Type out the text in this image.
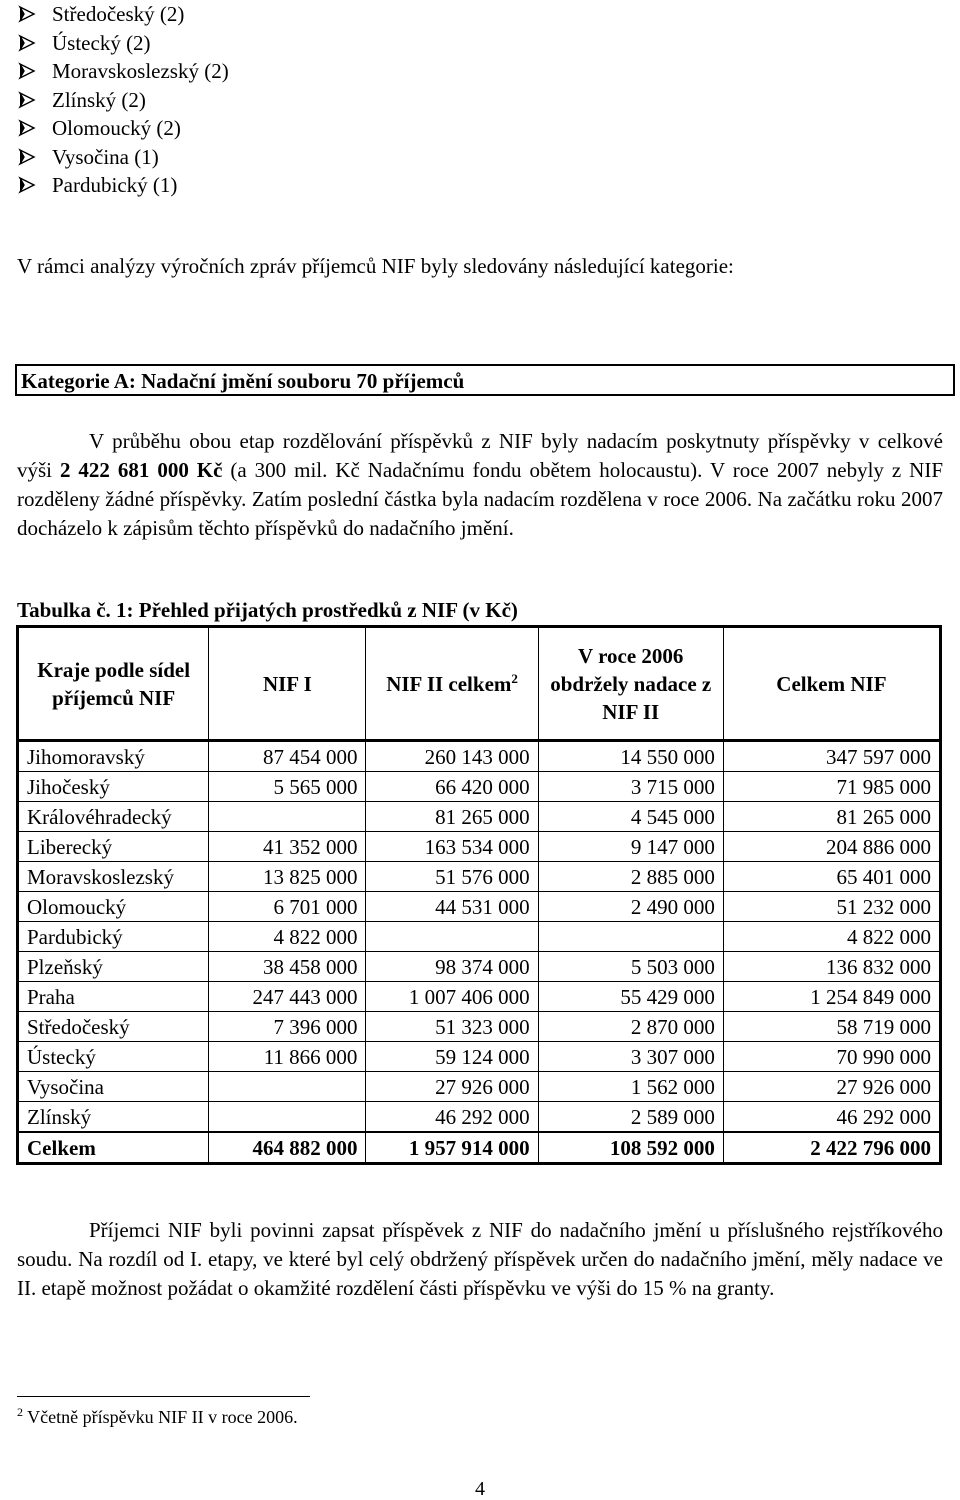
Středočeský (2)
Ústecký (2)
Moravskoslezský (2)
Zlínský (2)
Olomoucký (2)
Vysočina (1)
Pardubický (1)

V rámci analýzy výročních zpráv příjemců NIF byly sledovány následující kategorie:

Kategorie A: Nadační jmění souboru 70 příjemců

V průběhu obou etap rozdělování příspěvků z NIF byly nadacím poskytnuty příspěvky v celkové výši 2 422 681 000 Kč (a 300 mil. Kč Nadačnímu fondu obětem holocaustu). V roce 2007 nebyly z NIF rozděleny žádné příspěvky. Zatím poslední částka byla nadacím rozdělena v roce 2006. Na začátku roku 2007 docházelo k zápisům těchto příspěvků do nadačního jmění.

Tabulka č. 1: Přehled přijatých prostředků z NIF (v Kč)
Kraje podle sídel příjemců NIF	NIF I	NIF II celkem$^2$	V roce 2006 obdržely nadace z NIF II	Celkem NIF
Jihomoravský	87 454 000	260 143 000	14 550 000	347 597 000
Jihočeský	5 565 000	66 420 000	3 715 000	71 985 000
Královéhradecký		81 265 000	4 545 000	81 265 000
Liberecký	41 352 000	163 534 000	9 147 000	204 886 000
Moravskoslezský	13 825 000	51 576 000	2 885 000	65 401 000
Olomoucký	6 701 000	44 531 000	2 490 000	51 232 000
Pardubický	4 822 000			4 822 000
Plzeňský	38 458 000	98 374 000	5 503 000	136 832 000
Praha	247 443 000	1 007 406 000	55 429 000	1 254 849 000
Středočeský	7 396 000	51 323 000	2 870 000	58 719 000
Ústecký	11 866 000	59 124 000	3 307 000	70 990 000
Vysočina		27 926 000	1 562 000	27 926 000
Zlínský		46 292 000	2 589 000	46 292 000
Celkem	464 882 000	1 957 914 000	108 592 000	2 422 796 000

Příjemci NIF byli povinni zapsat příspěvek z NIF do nadačního jmění u příslušného rejstříkového soudu. Na rozdíl od I. etapy, ve které byl celý obdržený příspěvek určen do nadačního jmění, měly nadace ve II. etapě možnost požádat o okamžité rozdělení části příspěvku ve výši do 15 % na granty.

$^2$ Včetně příspěvku NIF II v roce 2006.
4
